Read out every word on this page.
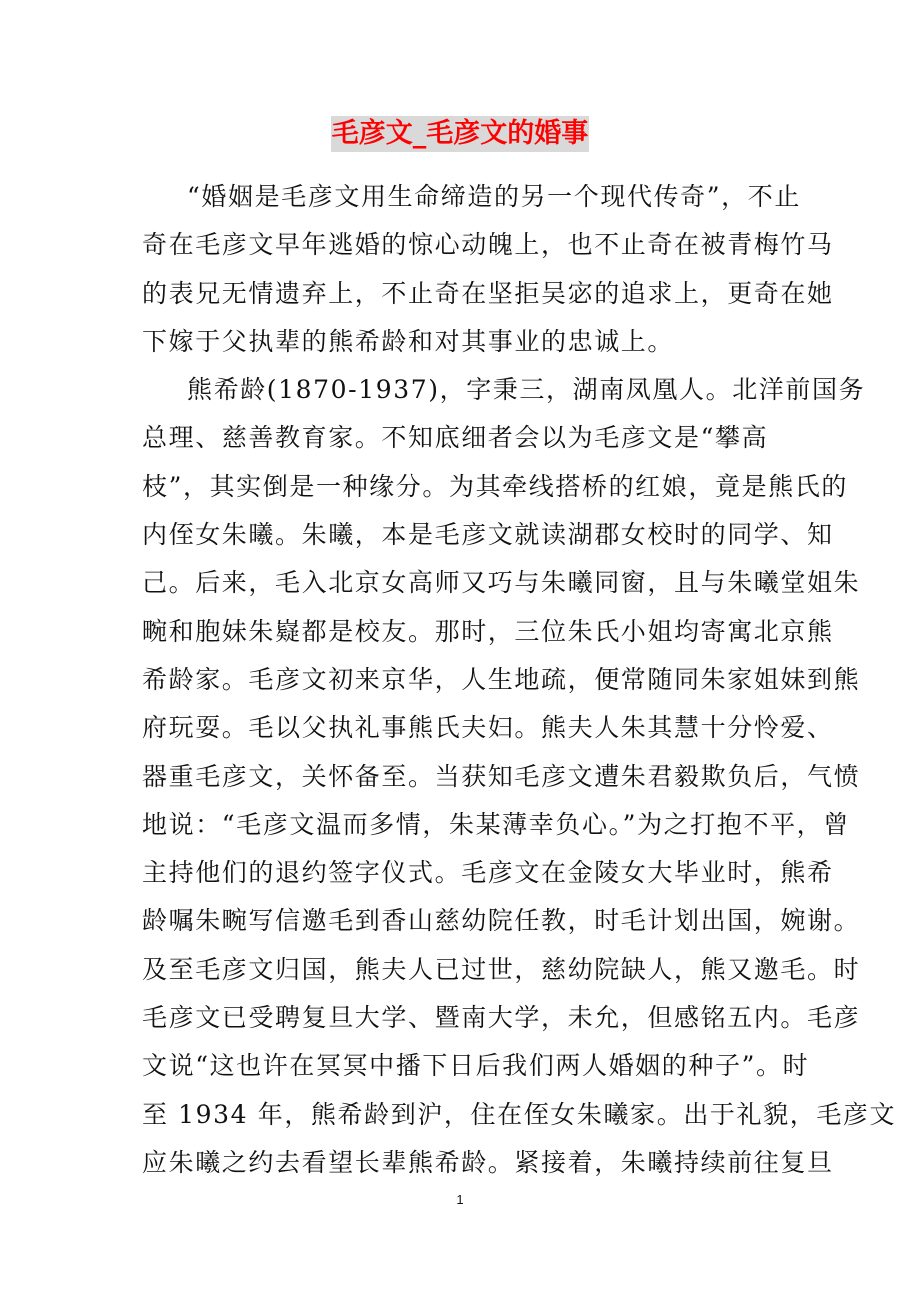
毛彦文_毛彦文的婚事
“婚姻是毛彦文用生命缔造的另一个现代传奇”，不止
奇在毛彦文早年逃婚的惊心动魄上，也不止奇在被青梅竹马
的表兄无情遗弃上，不止奇在坚拒吴宓的追求上，更奇在她
下嫁于父执辈的熊希龄和对其事业的忠诚上。
熊希龄(1870-1937)，字秉三，湖南凤凰人。北洋前国务
总理、慈善教育家。不知底细者会以为毛彦文是“攀高
枝”，其实倒是一种缘分。为其牵线搭桥的红娘，竟是熊氏的
内侄女朱曦。朱曦，本是毛彦文就读湖郡女校时的同学、知
己。后来，毛入北京女高师又巧与朱曦同窗，且与朱曦堂姐朱
畹和胞妹朱嶷都是校友。那时，三位朱氏小姐均寄寓北京熊
希龄家。毛彦文初来京华，人生地疏，便常随同朱家姐妹到熊
府玩耍。毛以父执礼事熊氏夫妇。熊夫人朱其慧十分怜爱、
器重毛彦文，关怀备至。当获知毛彦文遭朱君毅欺负后，气愤
地说：“毛彦文温而多情，朱某薄幸负心。”为之打抱不平，曾
主持他们的退约签字仪式。毛彦文在金陵女大毕业时，熊希
龄嘱朱畹写信邀毛到香山慈幼院任教，时毛计划出国，婉谢。
及至毛彦文归国，熊夫人已过世，慈幼院缺人，熊又邀毛。时
毛彦文已受聘复旦大学、暨南大学，未允，但感铭五内。毛彦
文说“这也许在冥冥中播下日后我们两人婚姻的种子”。时
至 1934 年，熊希龄到沪，住在侄女朱曦家。出于礼貌，毛彦文
应朱曦之约去看望长辈熊希龄。紧接着，朱曦持续前往复旦
1
